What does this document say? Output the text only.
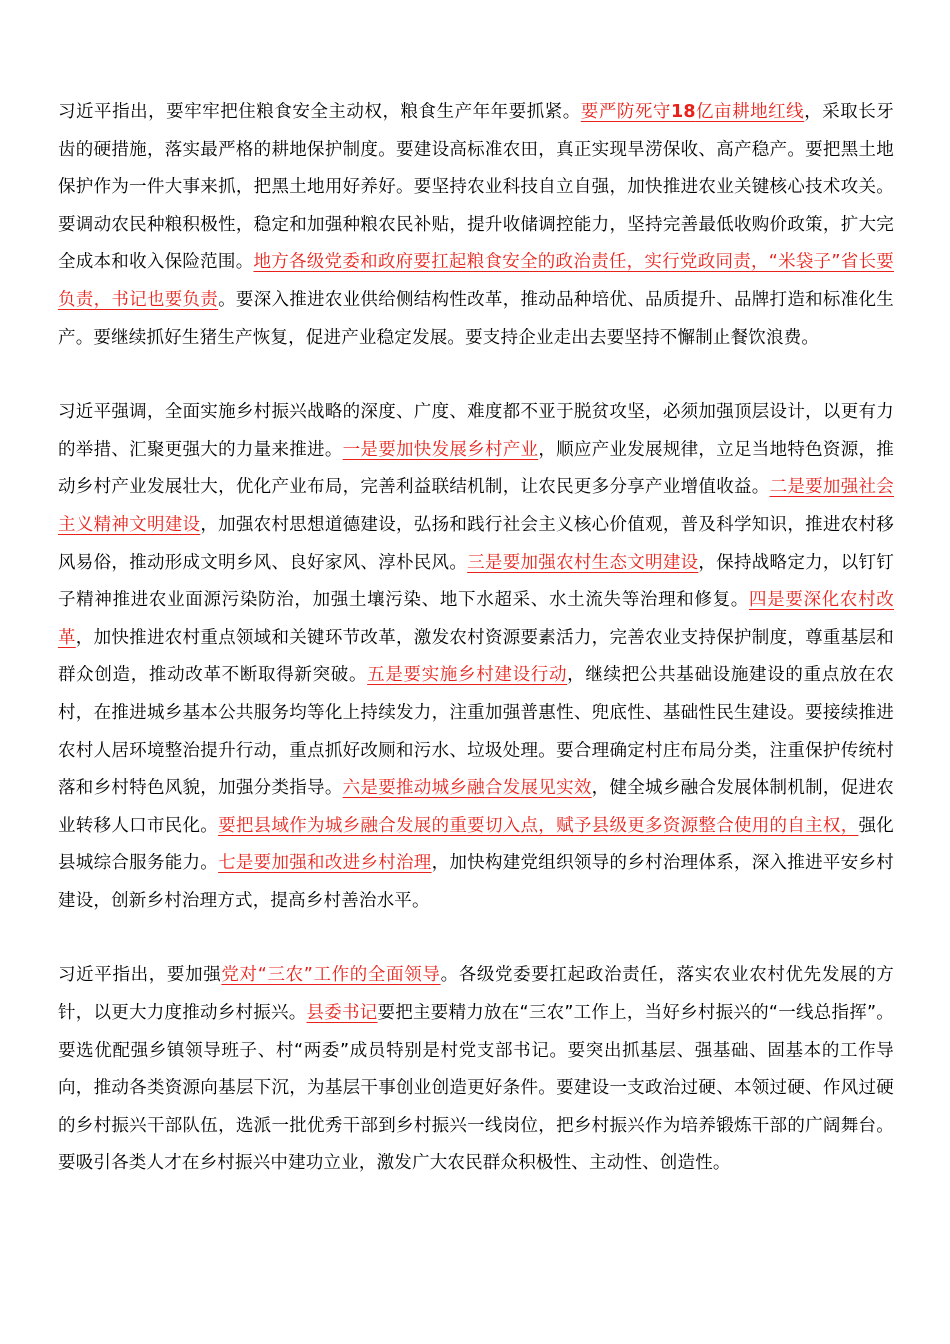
习近平指出，要牢牢把住粮食安全主动权，粮食生产年年要抓紧。要严防死守18亿亩耕地红线，采取长牙齿的硬措施，落实最严格的耕地保护制度。要建设高标准农田，真正实现旱涝保收、高产稳产。要把黑土地保护作为一件大事来抓，把黑土地用好养好。要坚持农业科技自立自强，加快推进农业关键核心技术攻关。要调动农民种粮积极性，稳定和加强种粮农民补贴，提升收储调控能力，坚持完善最低收购价政策，扩大完全成本和收入保险范围。地方各级党委和政府要扛起粮食安全的政治责任，实行党政同责，“米袋子”省长要负责，书记也要负责。要深入推进农业供给侧结构性改革，推动品种培优、品质提升、品牌打造和标准化生产。要继续抓好生猪生产恢复，促进产业稳定发展。要支持企业走出去要坚持不懈制止餐饮浪费。

习近平强调，全面实施乡村振兴战略的深度、广度、难度都不亚于脱贫攻坚，必须加强顶层设计，以更有力的举措、汇聚更强大的力量来推进。一是要加快发展乡村产业，顺应产业发展规律，立足当地特色资源，推动乡村产业发展壮大，优化产业布局，完善利益联结机制，让农民更多分享产业增值收益。二是要加强社会主义精神文明建设，加强农村思想道德建设，弘扬和践行社会主义核心价值观，普及科学知识，推进农村移风易俗，推动形成文明乡风、良好家风、淳朴民风。三是要加强农村生态文明建设，保持战略定力，以钉钉子精神推进农业面源污染防治，加强土壤污染、地下水超采、水土流失等治理和修复。四是要深化农村改革，加快推进农村重点领域和关键环节改革，激发农村资源要素活力，完善农业支持保护制度，尊重基层和群众创造，推动改革不断取得新突破。五是要实施乡村建设行动，继续把公共基础设施建设的重点放在农村，在推进城乡基本公共服务均等化上持续发力，注重加强普惠性、兜底性、基础性民生建设。要接续推进农村人居环境整治提升行动，重点抓好改厕和污水、垃圾处理。要合理确定村庄布局分类，注重保护传统村落和乡村特色风貌，加强分类指导。六是要推动城乡融合发展见实效，健全城乡融合发展体制机制，促进农业转移人口市民化。要把县域作为城乡融合发展的重要切入点，赋予县级更多资源整合使用的自主权，强化县城综合服务能力。七是要加强和改进乡村治理，加快构建党组织领导的乡村治理体系，深入推进平安乡村建设，创新乡村治理方式，提高乡村善治水平。

习近平指出，要加强党对“三农”工作的全面领导。各级党委要扛起政治责任，落实农业农村优先发展的方针，以更大力度推动乡村振兴。县委书记要把主要精力放在“三农”工作上，当好乡村振兴的“一线总指挥”。要选优配强乡镇领导班子、村“两委”成员特别是村党支部书记。要突出抓基层、强基础、固基本的工作导向，推动各类资源向基层下沉，为基层干事创业创造更好条件。要建设一支政治过硬、本领过硬、作风过硬的乡村振兴干部队伍，选派一批优秀干部到乡村振兴一线岗位，把乡村振兴作为培养锻炼干部的广阔舞台。要吸引各类人才在乡村振兴中建功立业，激发广大农民群众积极性、主动性、创造性。
